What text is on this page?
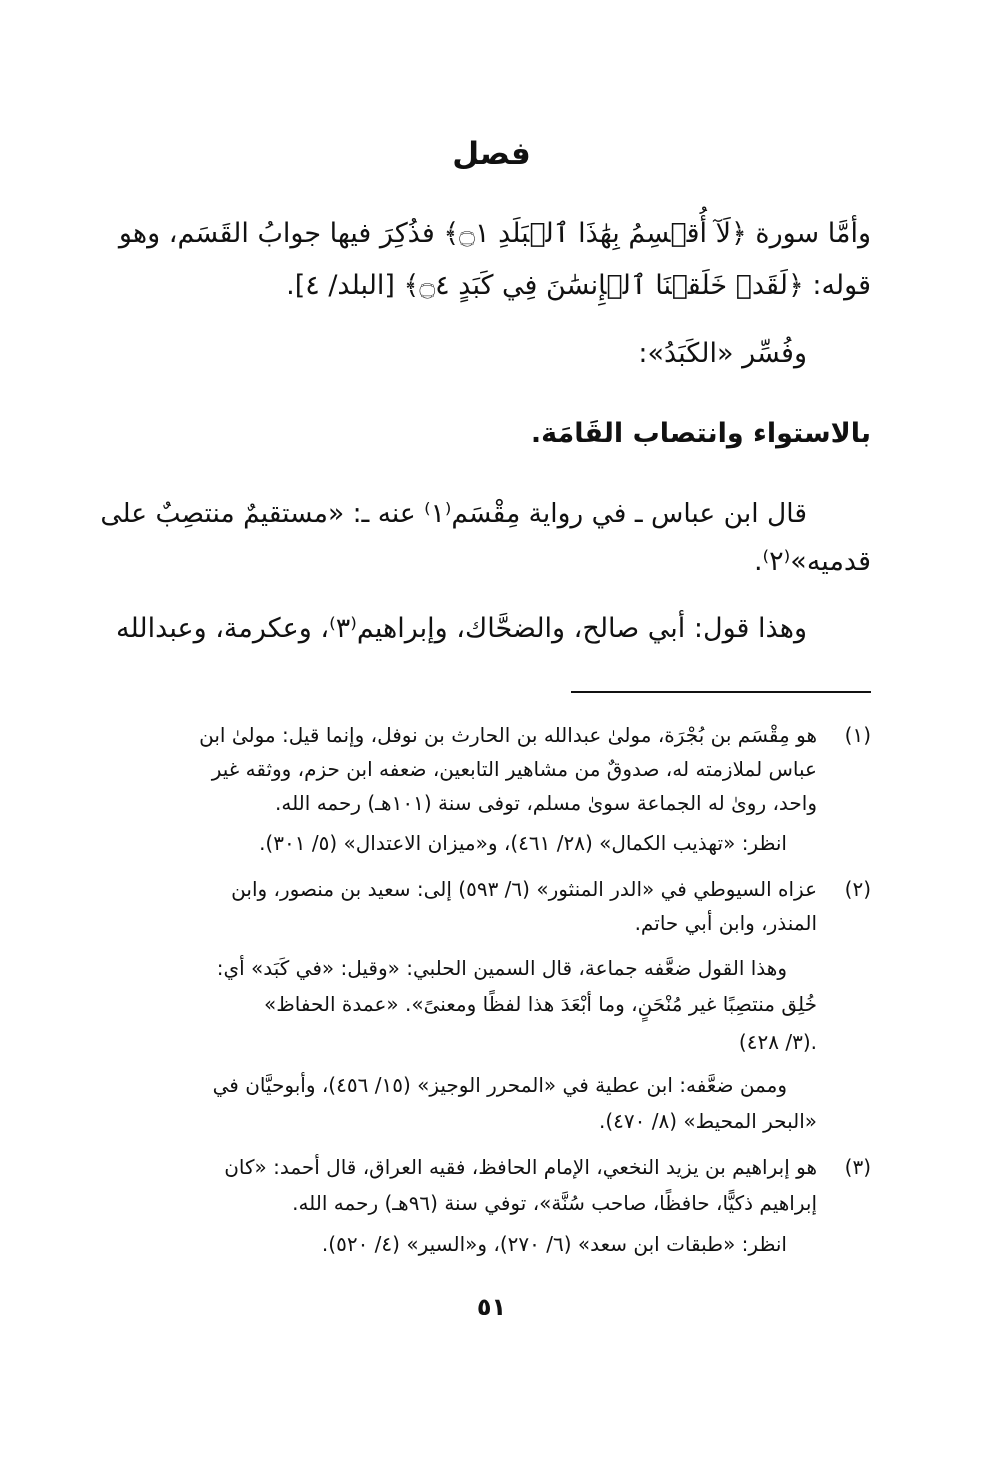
فصل
وأمَّا سورة ﴿لَآ أُقۡسِمُ بِهَٰذَا ٱلۡبَلَدِ ۝١﴾ فذُكِرَ فيها جوابُ القَسَم، وهو
قوله: ﴿لَقَدۡ خَلَقۡنَا ٱلۡإِنسَٰنَ فِي كَبَدٍ ۝٤﴾ [البلد/ ٤].
وفُسِّر «الكَبَدُ»:
بالاستواء وانتصاب القَامَة.
قال ابن عباس ـ في رواية مِقْسَم⁽١⁾ عنه ـ: «مستقيمٌ منتصِبٌ على
قدميه»⁽٢⁾.
وهذا قول: أبي صالح، والضحَّاك، وإبراهيم⁽٣⁾، وعكرمة، وعبدالله
(١)
هو مِقْسَم بن بُجْرَة، مولىٰ عبدالله بن الحارث بن نوفل، وإنما قيل: مولىٰ ابن
عباس لملازمته له، صدوقٌ من مشاهير التابعين، ضعفه ابن حزم، ووثقه غير
واحد، روىٰ له الجماعة سوىٰ مسلم، توفى سنة (١٠١هـ) رحمه الله.
انظر: «تهذيب الكمال» (٢٨/ ٤٦١)، و«ميزان الاعتدال» (٥/ ٣٠١).
(٢)
عزاه السيوطي في «الدر المنثور» (٦/ ٥٩٣) إلى: سعيد بن منصور، وابن
المنذر، وابن أبي حاتم.
وهذا القول ضعَّفه جماعة، قال السمين الحلبي: «وقيل: «في كَبَد» أي:
خُلِق منتصِبًا غير مُنْحَنٍ، وما أبْعَدَ هذا لفظًا ومعنىً». «عمدة الحفاظ»
(٣/ ٤٢٨).
وممن ضعَّفه: ابن عطية في «المحرر الوجيز» (١٥/ ٤٥٦)، وأبوحيَّان في
«البحر المحيط» (٨/ ٤٧٠).
(٣)
هو إبراهيم بن يزيد النخعي، الإمام الحافظ، فقيه العراق، قال أحمد: «كان
إبراهيم ذكيًّا، حافظًا، صاحب سُنَّة»، توفي سنة (٩٦هـ) رحمه الله.
انظر: «طبقات ابن سعد» (٦/ ٢٧٠)، و«السير» (٤/ ٥٢٠).
٥١
